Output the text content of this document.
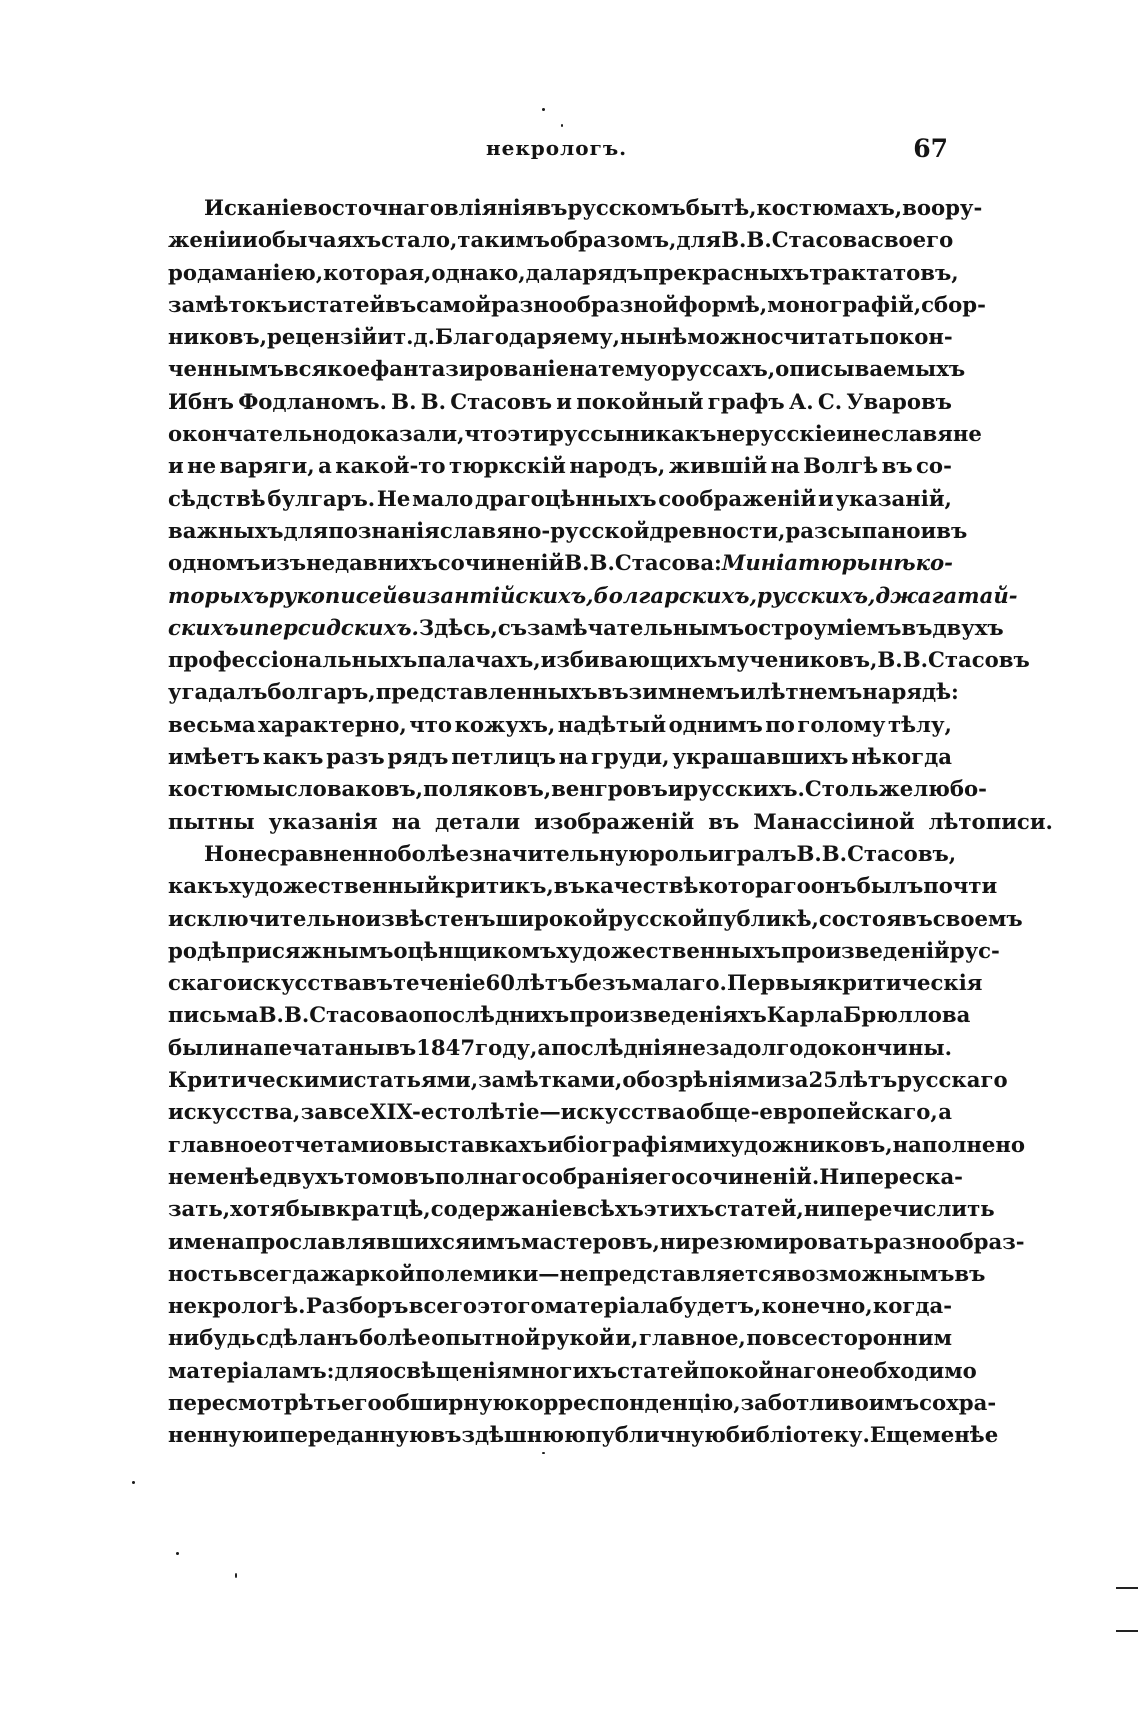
некрологъ.	67
Исканіе восточнаго вліянія въ русскомъ бытѣ, костюмахъ, воору-
женіи и обычаяхъ стало, такимъ образомъ, для В. В. Стасова своего
рода маніею, которая, однако, дала рядъ прекрасныхъ трактатовъ,
замѣтокъ и статей въ самой разнообразной формѣ, монографій, сбор-
никовъ, рецензій и т. д. Благодаря ему, нынѣ можно считать покон-
ченнымъ всякое фантазированіе на тему о руссахъ, описываемыхъ
Ибнъ Фодланомъ. В. В. Стасовъ и покойный графъ А. С. Уваровъ
окончательно доказали, что эти руссы никакъ не русскіе и не славяне
и не варяги, а какой-то тюркскій народъ, жившій на Волгѣ въ со-
сѣдствѣ булгаръ. Не мало драгоцѣнныхъ соображеній и указаній,
важныхъ для познанія славяно-русской древности, разсыпано и въ
одномъ изъ недавнихъ сочиненій В. В. Стасова: Миніатюры нѣко-
торыхъ рукописей византійскихъ, болгарскихъ, русскихъ, джагатай-
скихъ и персидскихъ. Здѣсь, съ замѣчательнымъ остроуміемъ въ двухъ
профессіональныхъ палачахъ, избивающихъ мучениковъ, В. В. Стасовъ
угадалъ болгаръ, представленныхъ въ зимнемъ и лѣтнемъ нарядѣ:
весьма характерно, что кожухъ, надѣтый однимъ по голому тѣлу,
имѣетъ какъ разъ рядъ петлицъ на груди, украшавшихъ нѣкогда
костюмы словаковъ, поляковъ, венгровъ и русскихъ. Столь же любо-
пытны указанія на детали изображеній въ Манассіиной лѣтописи.
Но несравненно болѣе значительную роль игралъ В. В. Стасовъ,
какъ художественный критикъ, въ качествѣ котораго онъ былъ почти
исключительно извѣстенъ широкой русской публикѣ, состоя въ своемъ
родѣ присяжнымъ оцѣнщикомъ художественныхъ произведеній рус-
скаго искусства въ теченіе 60 лѣтъ безъ малаго. Первыя критическія
письма В. В. Стасова о послѣднихъ произведеніяхъ Карла Брюллова
были напечатаны въ 1847 году, а послѣднія незадолго до кончины.
Критическими статьями, замѣтками, обозрѣніями за 25 лѣтъ русскаго
искусства, за все XIX-е столѣтіе—искусства обще-европейскаго, а
главное отчетами о выставкахъ и біографіями художниковъ, наполнено
не менѣе двухъ томовъ полнаго собранія его сочиненій. Ни переска-
зать, хотя бы вкратцѣ, содержаніе всѣхъ этихъ статей, ни перечислить
имена прославлявшихся имъ мастеровъ, ни резюмировать разнообраз-
ность всегда жаркой полемики—не представляется возможнымъ въ
некрологѣ. Разборъ всего этого матеріала будетъ, конечно, когда-
нибудь сдѣланъ болѣе опытной рукой и, главное, по всесторонним
матеріаламъ: для освѣщенія многихъ статей покойнаго необходимо
пересмотрѣть его обширную корреспонденцію, заботливо имъ сохра-
ненную и переданную въ здѣшнюю публичную библіотеку. Еще менѣе
